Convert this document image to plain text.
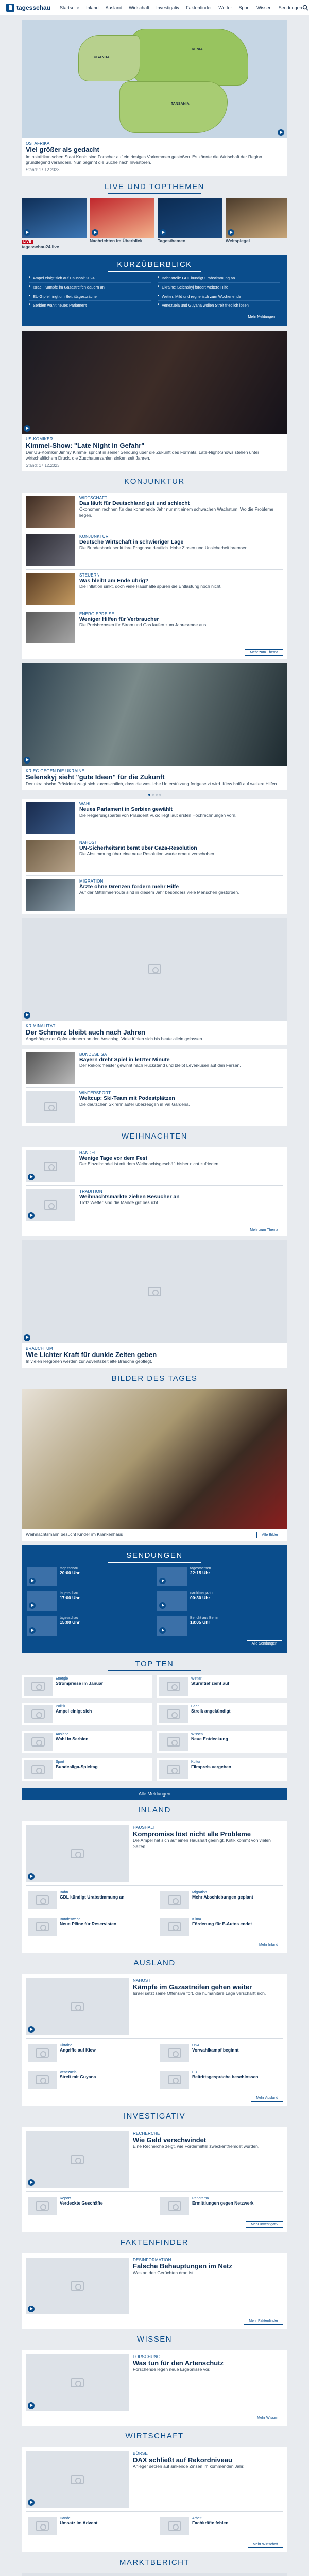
tagesschau Startseite Inland Ausland Wirtschaft Investigativ Faktenfinder Wetter Sport Wissen Sendungen
KENIA
TANSANIA
UGANDA
OSTAFRIKA
Viel größer als gedacht
Im ostafrikanischen Staat Kenia sind Forscher auf ein riesiges Vorkommen gestoßen. Es könnte die Wirtschaft der Region grundlegend verändern. Nun beginnt die Suche nach Investoren.
Stand: 17.12.2023
LIVE UND TOPTHEMEN
LIVE
tagesschau24 live
Nachrichten im Überblick	Tagesthemen	Weltspiegel
KURZÜBERBLICK
■ Ampel einigt sich auf Haushalt 2024	■ Bahnstreik: GDL kündigt Urabstimmung an
■ Israel: Kämpfe im Gazastreifen dauern an	■ Ukraine: Selenskyj fordert weitere Hilfe
■ EU-Gipfel ringt um Beitrittsgespräche	■ Wetter: Mild und regnerisch zum Wochenende
■ Serbien wählt neues Parlament	■ Venezuela und Guyana wollen Streit friedlich lösen
Mehr Meldungen
US-KOMIKER
Kimmel-Show: "Late Night in Gefahr"
Der US-Komiker Jimmy Kimmel spricht in seiner Sendung über die Zukunft des Formats. Late-Night-Shows stehen unter wirtschaftlichem Druck, die Zuschauerzahlen sinken seit Jahren.
Stand: 17.12.2023
KONJUNKTUR
WIRTSCHAFT
Das läuft für Deutschland gut und schlecht
Ökonomen rechnen für das kommende Jahr nur mit einem schwachen Wachstum. Wo die Probleme liegen.
KONJUNKTUR
Deutsche Wirtschaft in schwieriger Lage
Die Bundesbank senkt ihre Prognose deutlich. Hohe Zinsen und Unsicherheit bremsen.
STEUERN
Was bleibt am Ende übrig?
Die Inflation sinkt, doch viele Haushalte spüren die Entlastung noch nicht.
ENERGIEPREISE
Weniger Hilfen für Verbraucher
Die Preisbremsen für Strom und Gas laufen zum Jahresende aus.
Mehr zum Thema
KRIEG GEGEN DIE UKRAINE
Selenskyj sieht "gute Ideen" für die Zukunft
Der ukrainische Präsident zeigt sich zuversichtlich, dass die westliche Unterstützung fortgesetzt wird. Kiew hofft auf weitere Hilfen.
WAHL
Neues Parlament in Serbien gewählt
Die Regierungspartei von Präsident Vucic liegt laut ersten Hochrechnungen vorn.
NAHOST
UN-Sicherheitsrat berät über Gaza-Resolution
Die Abstimmung über eine neue Resolution wurde erneut verschoben.
MIGRATION
Ärzte ohne Grenzen fordern mehr Hilfe
Auf der Mittelmeerroute sind in diesem Jahr besonders viele Menschen gestorben.
KRIMINALITÄT
Der Schmerz bleibt auch nach Jahren
Angehörige der Opfer erinnern an den Anschlag. Viele fühlen sich bis heute allein gelassen.
BUNDESLIGA
Bayern dreht Spiel in letzter Minute
Der Rekordmeister gewinnt nach Rückstand und bleibt Leverkusen auf den Fersen.
WINTERSPORT
Weltcup: Ski-Team mit Podestplätzen
Die deutschen Skirennläufer überzeugen in Val Gardena.
WEIHNACHTEN
HANDEL
Wenige Tage vor dem Fest
Der Einzelhandel ist mit dem Weihnachtsgeschäft bisher nicht zufrieden.
TRADITION
Weihnachtsmärkte ziehen Besucher an
Trotz Wetter sind die Märkte gut besucht.
Mehr zum Thema
BRAUCHTUM
Wie Lichter Kraft für dunkle Zeiten geben
In vielen Regionen werden zur Adventszeit alte Bräuche gepflegt.
BILDER DES TAGES
Weihnachtsmann besucht Kinder im Krankenhaus	Alle Bilder
SENDUNGEN
tagesschau
20:00 Uhr
tagesthemen
22:15 Uhr
tagesschau
17:00 Uhr
nachtmagazin
00:30 Uhr
tagesschau
15:00 Uhr
Bericht aus Berlin
18:05 Uhr
Alle Sendungen
TOP TEN
Energie
Strompreise im Januar
Wetter
Sturmtief zieht auf
Politik
Ampel einigt sich
Bahn
Streik angekündigt
Ausland
Wahl in Serbien
Wissen
Neue Entdeckung
Sport
Bundesliga-Spieltag
Kultur
Filmpreis vergeben
Alle Meldungen
INLAND
HAUSHALT
Kompromiss löst nicht alle Probleme
Die Ampel hat sich auf einen Haushalt geeinigt. Kritik kommt von vielen Seiten.
Bahn
GDL kündigt Urabstimmung an
Migration
Mehr Abschiebungen geplant
Bundeswehr
Neue Pläne für Reservisten
Klima
Förderung für E-Autos endet
Mehr Inland
AUSLAND
NAHOST
Kämpfe im Gazastreifen gehen weiter
Israel setzt seine Offensive fort, die humanitäre Lage verschärft sich.
Ukraine
Angriffe auf Kiew
USA
Vorwahlkampf beginnt
Venezuela
Streit mit Guyana
EU
Beitrittsgespräche beschlossen
Mehr Ausland
INVESTIGATIV
RECHERCHE
Wie Geld verschwindet
Eine Recherche zeigt, wie Fördermittel zweckentfremdet wurden.
Report
Verdeckte Geschäfte
Panorama
Ermittlungen gegen Netzwerk
Mehr Investigativ
FAKTENFINDER
DESINFORMATION
Falsche Behauptungen im Netz
Was an den Gerüchten dran ist.
Mehr Faktenfinder
WISSEN
FORSCHUNG
Was tun für den Artenschutz
Forschende legen neue Ergebnisse vor.
Mehr Wissen
WIRTSCHAFT
BÖRSE
DAX schließt auf Rekordniveau
Anleger setzen auf sinkende Zinsen im kommenden Jahr.
Handel
Umsatz im Advent
Arbeit
Fachkräfte fehlen
Mehr Wirtschaft
MARKTBERICHT
